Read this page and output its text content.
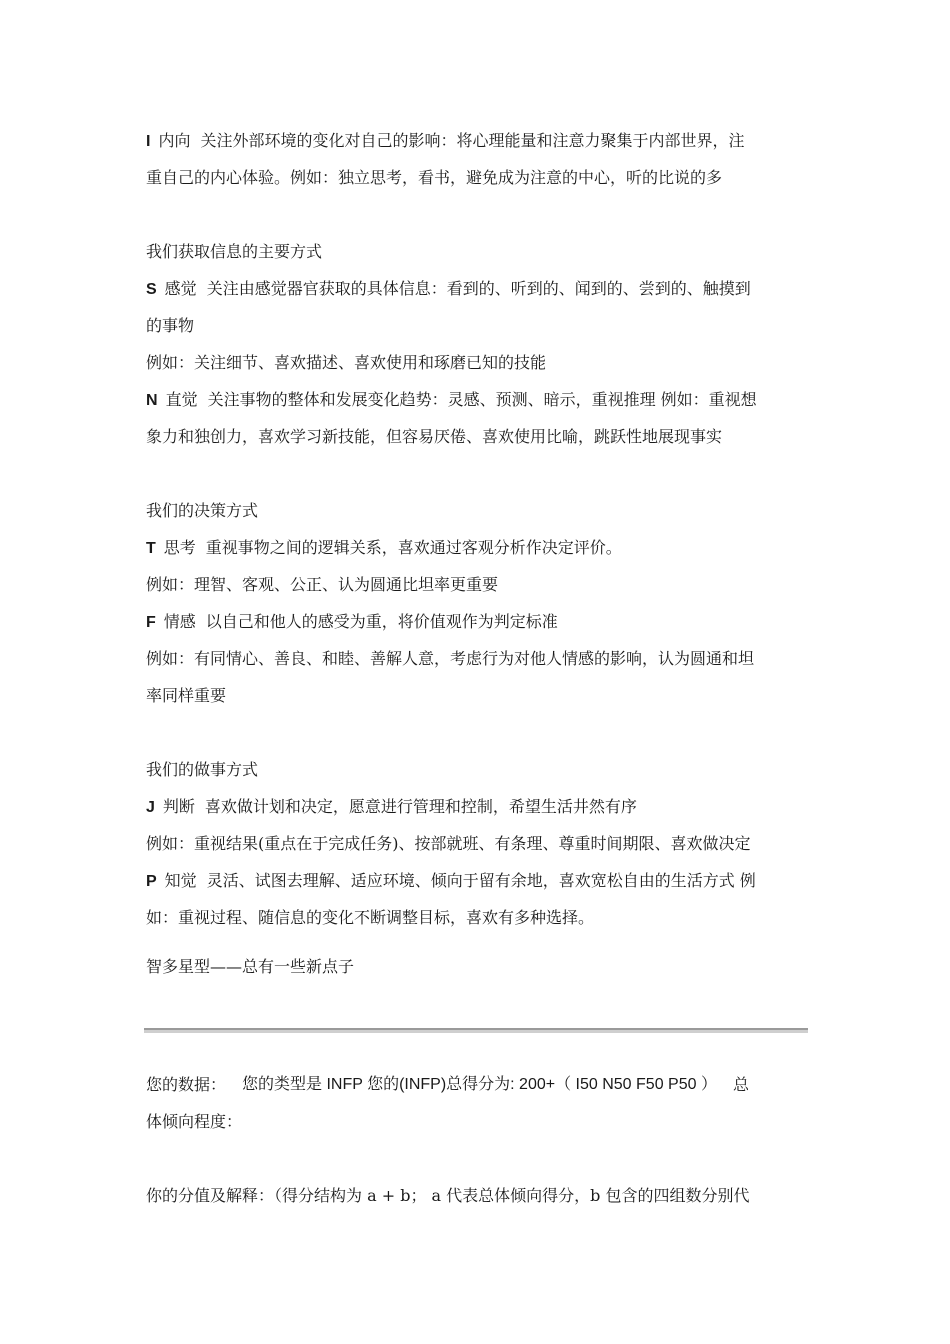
I 内向 关注外部环境的变化对自己的影响：将心理能量和注意力聚集于内部世界，注

重自己的内心体验。例如：独立思考，看书，避免成为注意的中心，听的比说的多

我们获取信息的主要方式

S 感觉 关注由感觉器官获取的具体信息：看到的、听到的、闻到的、尝到的、触摸到

的事物

例如：关注细节、喜欢描述、喜欢使用和琢磨已知的技能

N 直觉 关注事物的整体和发展变化趋势：灵感、预测、暗示，重视推理 例如：重视想

象力和独创力，喜欢学习新技能，但容易厌倦、喜欢使用比喻，跳跃性地展现事实

我们的决策方式

T 思考 重视事物之间的逻辑关系，喜欢通过客观分析作决定评价。

例如：理智、客观、公正、认为圆通比坦率更重要

F 情感 以自己和他人的感受为重，将价值观作为判定标准

例如：有同情心、善良、和睦、善解人意，考虑行为对他人情感的影响，认为圆通和坦

率同样重要

我们的做事方式

J 判断 喜欢做计划和决定，愿意进行管理和控制，希望生活井然有序

例如：重视结果(重点在于完成任务)、按部就班、有条理、尊重时间期限、喜欢做决定

P 知觉 灵活、试图去理解、适应环境、倾向于留有余地，喜欢宽松自由的生活方式 例

如：重视过程、随信息的变化不断调整目标，喜欢有多种选择。

智多星型——总有一些新点子

您的数据： 您的类型是 INFP 您的(INFP)总得分为: 200+（ I50 N50 F50 P50 ） 总

体倾向程度：

你的分值及解释：（得分结构为 a + b； a 代表总体倾向得分，b 包含的四组数分别代
